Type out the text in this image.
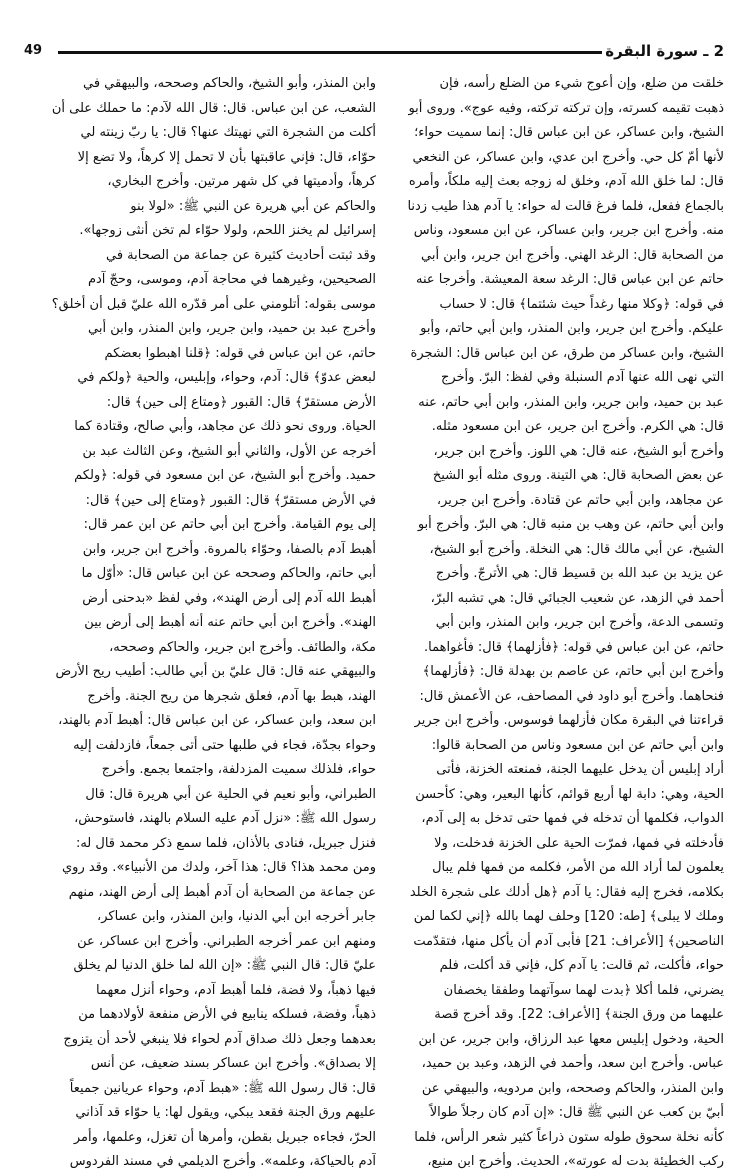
2 ـ سورة البقرة
49
خلقت من ضلع، وإن أعوج شيء من الضلع رأسه، فإن
ذهبت تقيمه كسرته، وإن تركته تركته، وفيه عوج». وروى أبو
الشيخ، وابن عساكر، عن ابن عباس قال: إنما سميت حواء؛
لأنها أمّ كل حي. وأخرج ابن عدي، وابن عساكر، عن النخعي
قال: لما خلق الله آدم، وخلق له زوجه بعث إليه ملكاً، وأمره
بالجماع ففعل، فلما فرغ قالت له حواء: يا آدم هذا طيب زدنا
منه. وأخرج ابن جرير، وابن عساكر، عن ابن مسعود، وناس
من الصحابة قال: الرغد الهني. وأخرج ابن جرير، وابن أبي
حاتم عن ابن عباس قال: الرغد سعة المعيشة. وأخرجا عنه
في قوله: ﴿وكلا منها رغداً حيث شئتما﴾ قال: لا حساب
عليكم. وأخرج ابن جرير، وابن المنذر، وابن أبي حاتم، وأبو
الشيخ، وابن عساكر من طرق، عن ابن عباس قال: الشجرة
التي نهى الله عنها آدم السنبلة وفي لفظ: البرّ. وأخرج
عبد بن حميد، وابن جرير، وابن المنذر، وابن أبي حاتم، عنه
قال: هي الكرم. وأخرج ابن جرير، عن ابن مسعود مثله.
وأخرج أبو الشيخ، عنه قال: هي اللوز. وأخرج ابن جرير،
عن بعض الصحابة قال: هي التينة. وروى مثله أبو الشيخ
عن مجاهد، وابن أبي حاتم عن قتادة. وأخرج ابن جرير،
وابن أبي حاتم، عن وهب بن منبه قال: هي البرّ. وأخرج أبو
الشيخ، عن أبي مالك قال: هي النخلة. وأخرج أبو الشيخ،
عن يزيد بن عبد الله بن قسيط قال: هي الأترجّ. وأخرج
أحمد في الزهد، عن شعيب الجبائي قال: هي تشبه البرّ،
وتسمى الدعة، وأخرج ابن جرير، وابن المنذر، وابن أبي
حاتم، عن ابن عباس في قوله: ﴿فأزلهما﴾ قال: فأغواهما.
وأخرج ابن أبي حاتم، عن عاصم بن بهدلة قال: ﴿فأزلهما﴾
فنحاهما. وأخرج أبو داود في المصاحف، عن الأعمش قال:
قراءتنا في البقرة مكان فأزلهما فوسوس. وأخرج ابن جرير
وابن أبي حاتم عن ابن مسعود وناس من الصحابة قالوا:
أراد إبليس أن يدخل عليهما الجنة، فمنعته الخزنة، فأتى
الحية، وهي: دابة لها أربع قوائم، كأنها البعير، وهي: كأحسن
الدواب، فكلمها أن تدخله في فمها حتى تدخل به إلى آدم،
فأدخلته في فمها، فمرّت الحية على الخزنة فدخلت، ولا
يعلمون لما أراد الله من الأمر، فكلمه من فمها فلم يبال
بكلامه، فخرج إليه فقال: يا آدم ﴿هل أدلك على شجرة الخلد
وملك لا يبلى﴾ [طه: 120] وحلف لهما بالله ﴿إني لكما لمن
الناصحين﴾ [الأعراف: 21] فأبى آدم أن يأكل منها، فتقدّمت
حواء، فأكلت، ثم قالت: يا آدم كل، فإني قد أكلت، فلم
يضرني، فلما أكلا ﴿بدت لهما سوآتهما وطفقا يخصفان
عليهما من ورق الجنة﴾ [الأعراف: 22]. وقد أخرج قصة
الحية، ودخول إبليس معها عبد الرزاق، وابن جرير، عن ابن
عباس. وأخرج ابن سعد، وأحمد في الزهد، وعبد بن حميد،
وابن المنذر، والحاكم وصححه، وابن مردويه، والبيهقي عن
أبيّ بن كعب عن النبي ﷺ قال: «إن آدم كان رجلاً طوالاً
كأنه نخلة سحوق طوله ستون ذراعاً كثير شعر الرأس، فلما
ركب الخطيئة بدت له عورته»، الحديث. وأخرج ابن منيع،
وابن المنذر، وأبو الشيخ، والحاكم وصححه، والبيهقي في
الشعب، عن ابن عباس. قال: قال الله لآدم: ما حملك على أن
أكلت من الشجرة التي نهيتك عنها؟ قال: يا ربّ زينته لي
حوّاء، قال: فإني عاقبتها بأن لا تحمل إلا كرهاً، ولا تضع إلا
كرهاً، وأدميتها في كل شهر مرتين. وأخرج البخاري،
والحاكم عن أبي هريرة عن النبي ﷺ: «لولا بنو
إسرائيل لم يخنز اللحم، ولولا حوّاء لم تخن أنثى زوجها».
وقد ثبتت أحاديث كثيرة عن جماعة من الصحابة في
الصحيحين، وغيرهما في محاجة آدم، وموسى، وحجّ آدم
موسى بقوله: أتلومني على أمر قدّره الله عليّ قبل أن أخلق؟
وأخرج عبد بن حميد، وابن جرير، وابن المنذر، وابن أبي
حاتم، عن ابن عباس في قوله: ﴿قلنا اهبطوا بعضكم
لبعض عدوّ﴾ قال: آدم، وحواء، وإبليس، والحية ﴿ولكم في
الأرض مستقرّ﴾ قال: القبور ﴿ومتاع إلى حين﴾ قال:
الحياة. وروى نحو ذلك عن مجاهد، وأبي صالح، وقتادة كما
أخرجه عن الأول، والثاني أبو الشيخ، وعن الثالث عبد بن
حميد. وأخرج أبو الشيخ، عن ابن مسعود في قوله: ﴿ولكم
في الأرض مستقرّ﴾ قال: القبور ﴿ومتاع إلى حين﴾ قال:
إلى يوم القيامة. وأخرج ابن أبي حاتم عن ابن عمر قال:
أهبط آدم بالصفا، وحوّاء بالمروة. وأخرج ابن جرير، وابن
أبي حاتم، والحاكم وصححه عن ابن عباس قال: «أوّل ما
أهبط الله آدم إلى أرض الهند»، وفي لفظ «بدحنى أرض
الهند». وأخرج ابن أبي حاتم عنه أنه أهبط إلى أرض بين
مكة، والطائف. وأخرج ابن جرير، والحاكم وصححه،
والبيهقي عنه قال: قال عليّ بن أبي طالب: أطيب ريح الأرض
الهند، هبط بها آدم، فعلق شجرها من ريح الجنة. وأخرج
ابن سعد، وابن عساكر، عن ابن عباس قال: أهبط آدم بالهند،
وحواء بجدّة، فجاء في طلبها حتى أتى جمعاً، فازدلفت إليه
حواء، فلذلك سميت المزدلفة، واجتمعا بجمع. وأخرج
الطبراني، وأبو نعيم في الحلية عن أبي هريرة قال: قال
رسول الله ﷺ: «نزل آدم عليه السلام بالهند، فاستوحش،
فنزل جبريل، فنادى بالأذان، فلما سمع ذكر محمد قال له:
ومن محمد هذا؟ قال: هذا آخر، ولدك من الأنبياء». وقد روي
عن جماعة من الصحابة أن آدم أهبط إلى أرض الهند، منهم
جابر أخرجه ابن أبي الدنيا، وابن المنذر، وابن عساكر،
ومنهم ابن عمر أخرجه الطبراني. وأخرج ابن عساكر، عن
عليّ قال: قال النبي ﷺ: «إن الله لما خلق الدنيا لم يخلق
فيها ذهباً، ولا فضة، فلما أهبط آدم، وحواء أنزل معهما
ذهباً، وفضة، فسلكه ينابيع في الأرض منفعة لأولادهما من
بعدهما وجعل ذلك صداق آدم لحواء فلا ينبغي لأحد أن يتزوج
إلا بصداق». وأخرج ابن عساكر بسند ضعيف، عن أنس
قال: قال رسول الله ﷺ: «هبط آدم، وحواء عريانين جميعاً
عليهم ورق الجنة فقعد يبكي، ويقول لها: يا حوّاء قد آذاني
الحرّ، فجاءه جبريل بقطن، وأمرها أن تغزل، وعلمها، وأمر
آدم بالحياكة، وعلمه». وأخرج الديلمي في مسند الفردوس
